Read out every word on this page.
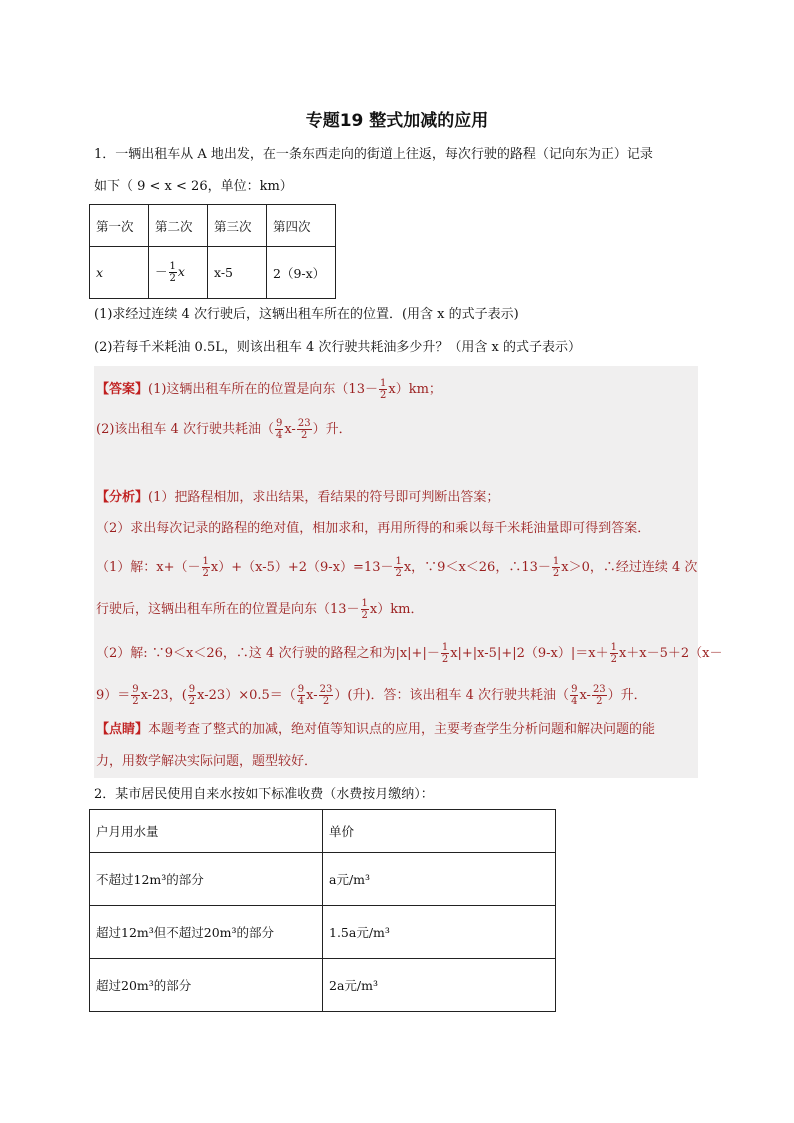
专题19 整式加减的应用
1．一辆出租车从 A 地出发，在一条东西走向的街道上往返，每次行驶的路程（记向东为正）记录
如下（ 9 < x < 26，单位：km）
第一次	第二次	第三次	第四次
x	－ $\frac{1}{2}$ x	x-5	2（9-x）
(1)求经过连续 4 次行驶后，这辆出租车所在的位置．(用含 x 的式子表示)
(2)若每千米耗油 0.5L，则该出租车 4 次行驶共耗油多少升？（用含 x 的式子表示）
【答案】(1)这辆出租车所在的位置是向东$(13- \frac{1}{2} x)km$；
(2)该出租车 4 次行驶共耗油（ $\frac{9}{4} x- \frac{23}{2}$ ）升．
【分析】(1）把路程相加，求出结果，看结果的符号即可判断出答案；
（2）求出每次记录的路程的绝对值，相加求和，再用所得的和乘以每千米耗油量即可得到答案．
（1）解：$x+(- \frac{1}{2} x)+(x-5)+2(9-x)=13- \frac{1}{2}$ x，∵9＜x＜26，∴13－ $\frac{1}{2} x>0$，∴经过连续 4 次
行驶后，这辆出租车所在的位置是向东$(13- \frac{1}{2} x)km$．
（2）解: ∵9＜x＜26，∴这 4 次行驶的路程之和为$|x|+|- \frac{1}{2} x|+|x-5|+|2(9-x)|=x+ \frac{1}{2} x+x-5+2(x-$
$9)= \frac{9}{2} x-23$，( $\frac{9}{2} x-23)\times 0.5=( \frac{9}{4} x- \frac{23}{2}$ ）(升)．答：该出租车 4 次行驶共耗油（ $\frac{9}{4} x- \frac{23}{2}$ ）升．
【点睛】本题考查了整式的加减，绝对值等知识点的应用，主要考查学生分析问题和解决问题的能
力，用数学解决实际问题，题型较好．
2．某市居民使用自来水按如下标准收费（水费按月缴纳）：
户月用水量	单价
不超过12m³的部分	a元/m³
超过12m³但不超过20m³的部分	1.5a元/m³
超过20m³的部分	2a元/m³
